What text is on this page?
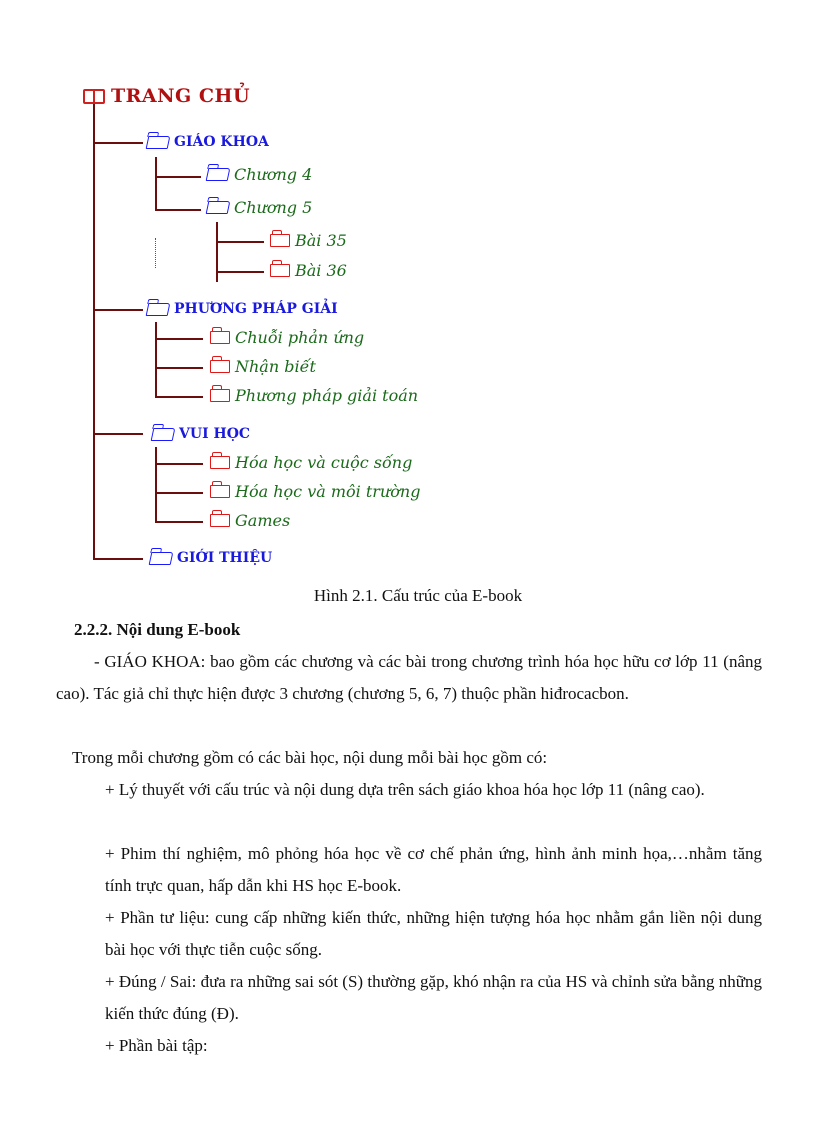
TRANG CHỦ
GIÁO KHOA
PHƯƠNG PHÁP GIẢI
VUI HỌC
GIỚI THIỆU
Chương 4
Chương 5
Bài 35
Bài 36
Chuỗi phản ứng
Nhận biết
Phương pháp giải toán
Hóa học và cuộc sống
Hóa học và môi trường
Games
Hình 2.1. Cấu trúc của E-book
2.2.2. Nội dung E-book
- GIÁO KHOA: bao gồm các chương và các bài trong chương trình hóa học hữu cơ lớp 11 (nâng cao). Tác giả chỉ thực hiện được 3 chương (chương 5, 6, 7) thuộc phần hiđrocacbon.
Trong mỗi chương gồm có các bài học, nội dung mỗi bài học gồm có:
+ Lý thuyết với cấu trúc và nội dung dựa trên sách giáo khoa hóa học lớp 11 (nâng cao).
+ Phim thí nghiệm, mô phỏng hóa học về cơ chế phản ứng, hình ảnh minh họa,…nhằm tăng tính trực quan, hấp dẫn khi HS học E-book.
+ Phần tư liệu: cung cấp những kiến thức, những hiện tượng hóa học nhằm gắn liền nội dung bài học với thực tiễn cuộc sống.
+ Đúng / Sai: đưa ra những sai sót (S) thường gặp, khó nhận ra của HS và chỉnh sửa bằng những kiến thức đúng (Đ).
+ Phần bài tập:
